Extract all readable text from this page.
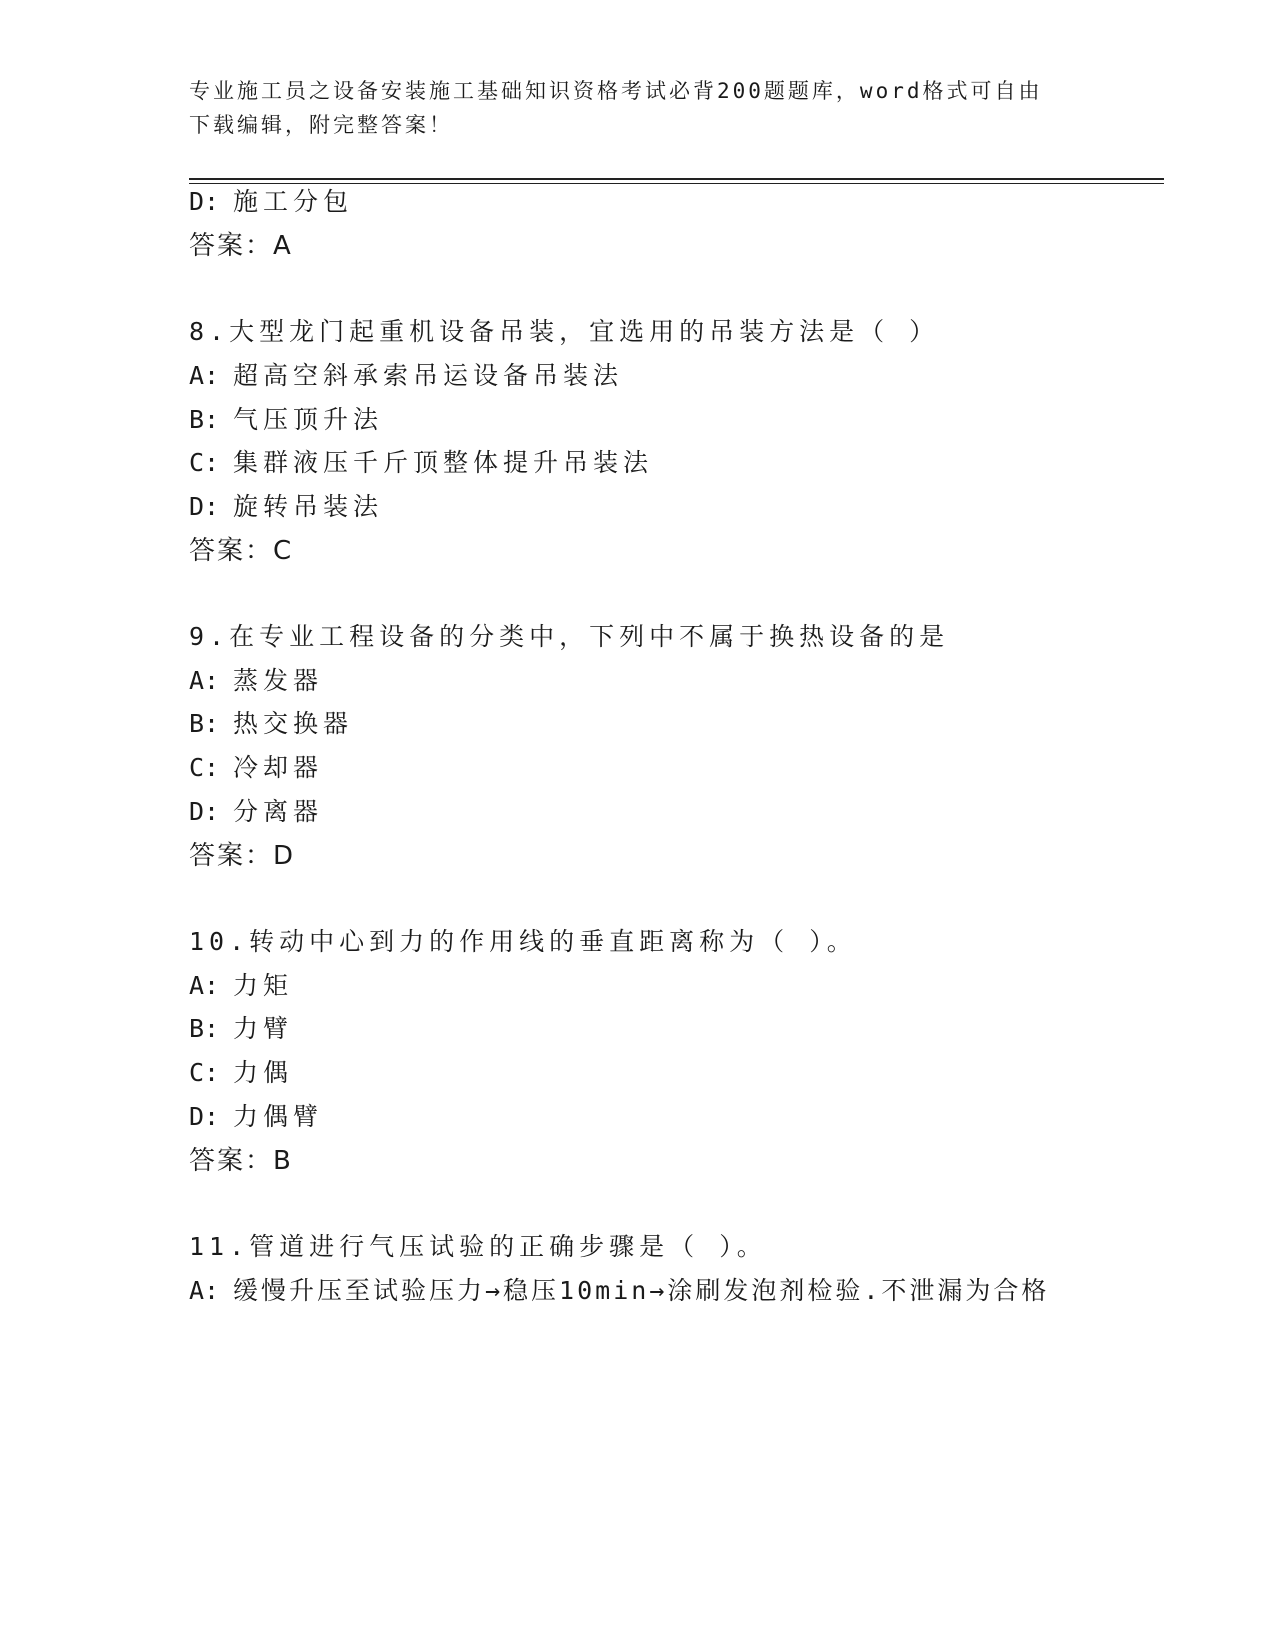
专业施工员之设备安装施工基础知识资格考试必背200题题库，word格式可自由
下载编辑，附完整答案！
D: 施工分包
答案：A
8.大型龙门起重机设备吊装，宜选用的吊装方法是（ ）
A: 超高空斜承索吊运设备吊装法
B: 气压顶升法
C: 集群液压千斤顶整体提升吊装法
D: 旋转吊装法
答案：C
9.在专业工程设备的分类中，下列中不属于换热设备的是
A: 蒸发器
B: 热交换器
C: 冷却器
D: 分离器
答案：D
10.转动中心到力的作用线的垂直距离称为（ ）。
A: 力矩
B: 力臂
C: 力偶
D: 力偶臂
答案：B
11.管道进行气压试验的正确步骤是（ ）。
A: 缓慢升压至试验压力→稳压10min→涂刷发泡剂检验.不泄漏为合格
